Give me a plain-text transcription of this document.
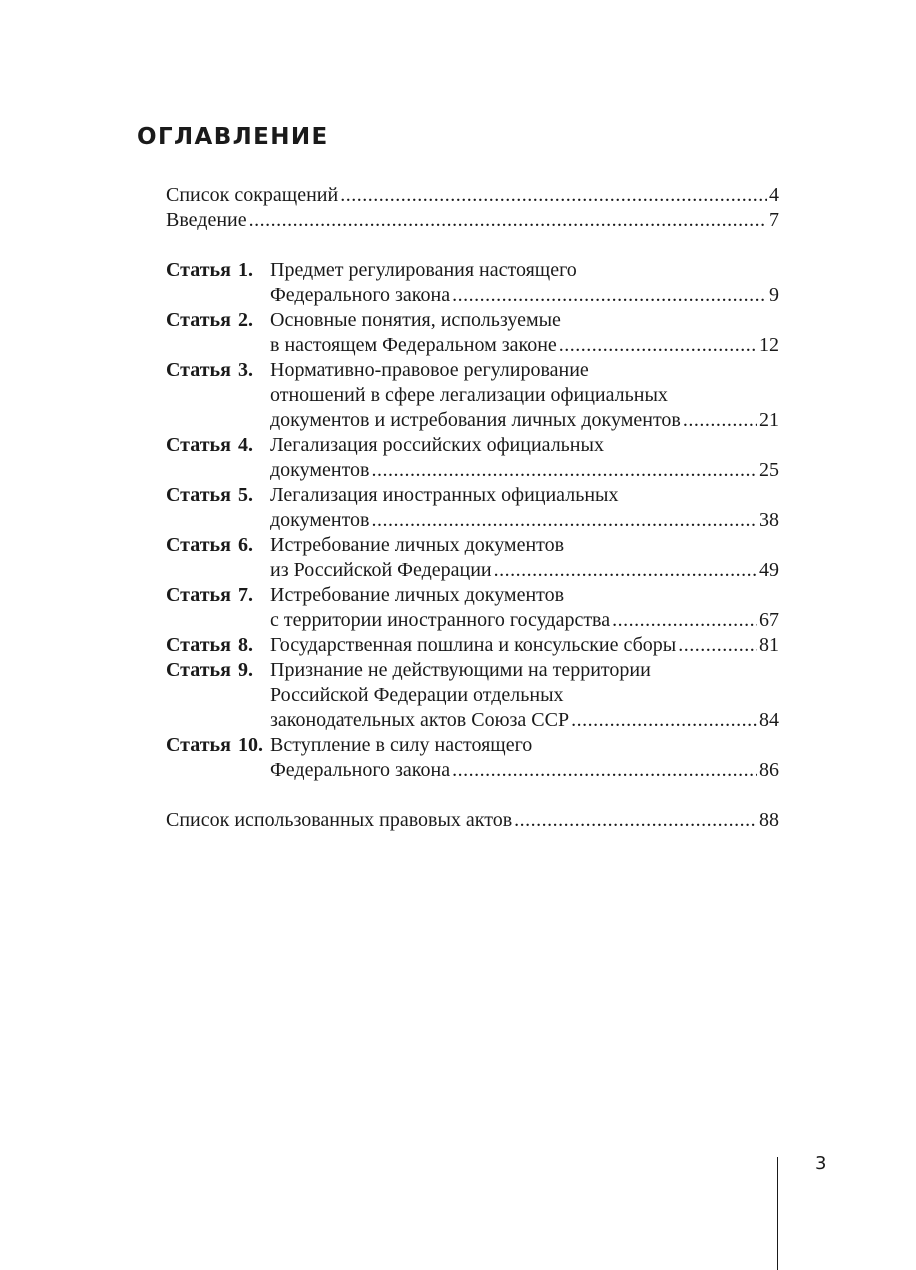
ОГЛАВЛЕНИЕ
Список сокращений .....	4
Введение .....	7
Статья 1. Предмет регулирования настоящего
Федерального закона .....	9
Статья 2. Основные понятия, используемые
в настоящем Федеральном законе .....	12
Статья 3. Нормативно-правовое регулирование
отношений в сфере легализации официальных
документов и истребования личных документов .....	21
Статья 4. Легализация российских официальных
документов .....	25
Статья 5. Легализация иностранных официальных
документов .....	38
Статья 6. Истребование личных документов
из Российской Федерации .....	49
Статья 7. Истребование личных документов
с территории иностранного государства .....	67
Статья 8. Государственная пошлина и консульские сборы .....	81
Статья 9. Признание не действующими на территории
Российской Федерации отдельных
законодательных актов Союза ССР .....	84
Статья 10. Вступление в силу настоящего
Федерального закона .....	86
Список использованных правовых актов .....	88
3
